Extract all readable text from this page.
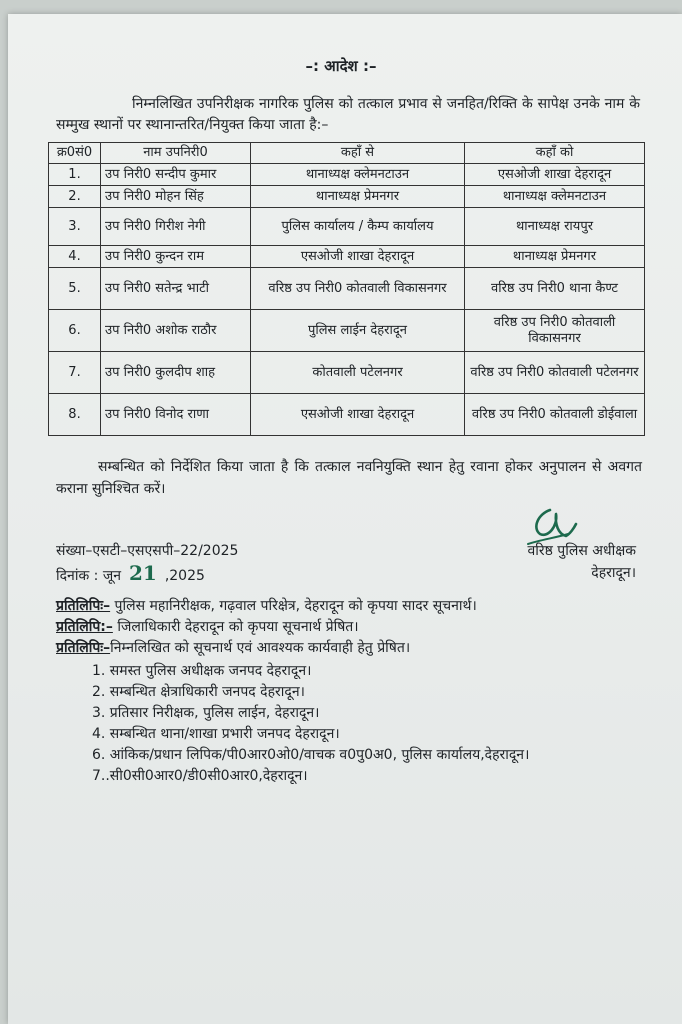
–: आदेश :–
निम्नलिखित उपनिरीक्षक नागरिक पुलिस को तत्काल प्रभाव से जनहित/रिक्ति के सापेक्ष उनके नाम के सम्मुख स्थानों पर स्थानान्तरित/नियुक्त किया जाता है:–
क्र0सं0	नाम उपनिरी0	कहाँ से	कहाँ को
1.	उप निरी0 सन्दीप कुमार	थानाध्यक्ष क्लेमनटाउन	एसओजी शाखा देहरादून
2.	उप निरी0 मोहन सिंह	थानाध्यक्ष प्रेमनगर	थानाध्यक्ष क्लेमनटाउन
3.	उप निरी0 गिरीश नेगी	पुलिस कार्यालय / कैम्प कार्यालय	थानाध्यक्ष रायपुर
4.	उप निरी0 कुन्दन राम	एसओजी शाखा देहरादून	थानाध्यक्ष प्रेमनगर
5.	उप निरी0 सतेन्द्र भाटी	वरिष्ठ उप निरी0 कोतवाली विकासनगर	वरिष्ठ उप निरी0 थाना कैण्ट
6.	उप निरी0 अशोक राठौर	पुलिस लाईन देहरादून	वरिष्ठ उप निरी0 कोतवाली विकासनगर
7.	उप निरी0 कुलदीप शाह	कोतवाली पटेलनगर	वरिष्ठ उप निरी0 कोतवाली पटेलनगर
8.	उप निरी0 विनोद राणा	एसओजी शाखा देहरादून	वरिष्ठ उप निरी0 कोतवाली डोईवाला
सम्बन्धित को निर्देशित किया जाता है कि तत्काल नवनियुक्ति स्थान हेतु रवाना होकर अनुपालन से अवगत कराना सुनिश्चित करें।
संख्या–एसटी–एसएसपी–22/2025
दिनांक : जून 21 ,2025
वरिष्ठ पुलिस अधीक्षक
देहरादून।
प्रतिलिपिः– पुलिस महानिरीक्षक, गढ़वाल परिक्षेत्र, देहरादून को कृपया सादर सूचनार्थ।
प्रतिलिपि:– जिलाधिकारी देहरादून को कृपया सूचनार्थ प्रेषित।
प्रतिलिपिः–निम्नलिखित को सूचनार्थ एवं आवश्यक कार्यवाही हेतु प्रेषित।
1. समस्त पुलिस अधीक्षक जनपद देहरादून।
2. सम्बन्धित क्षेत्राधिकारी जनपद देहरादून।
3. प्रतिसार निरीक्षक, पुलिस लाईन, देहरादून।
4. सम्बन्धित थाना/शाखा प्रभारी जनपद देहरादून।
6. आंकिक/प्रधान लिपिक/पी0आर0ओ0/वाचक व0पु0अ0, पुलिस कार्यालय,देहरादून।
7..सी0सी0आर0/डी0सी0आर0,देहरादून।
